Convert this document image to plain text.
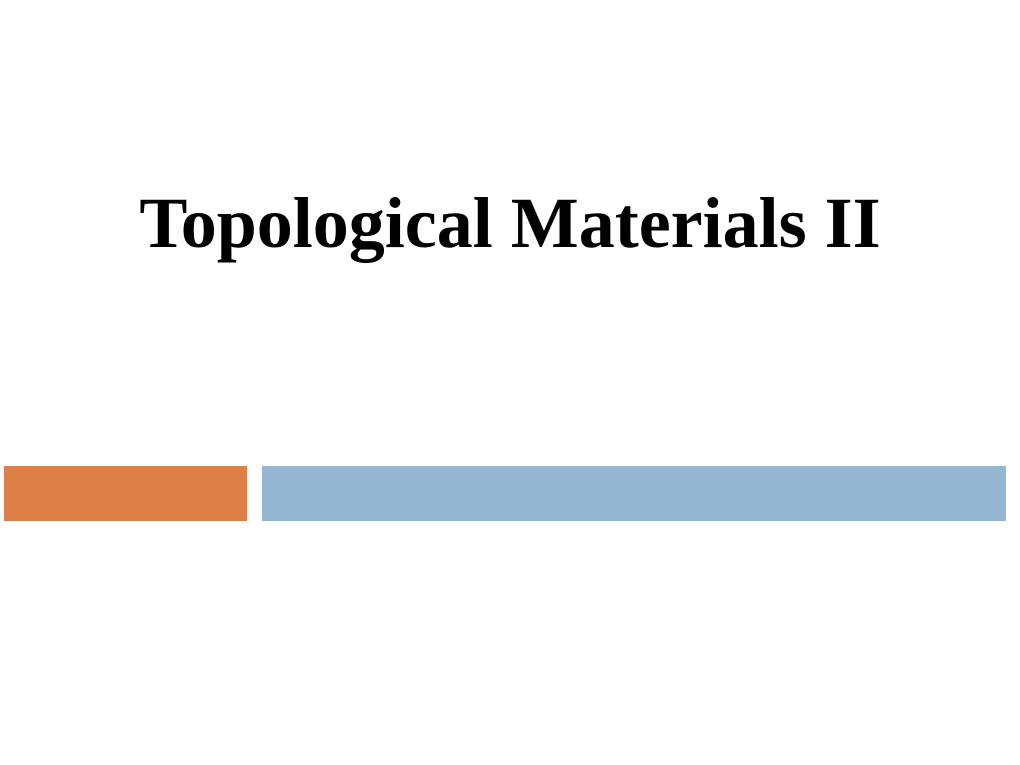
Topological Materials II
